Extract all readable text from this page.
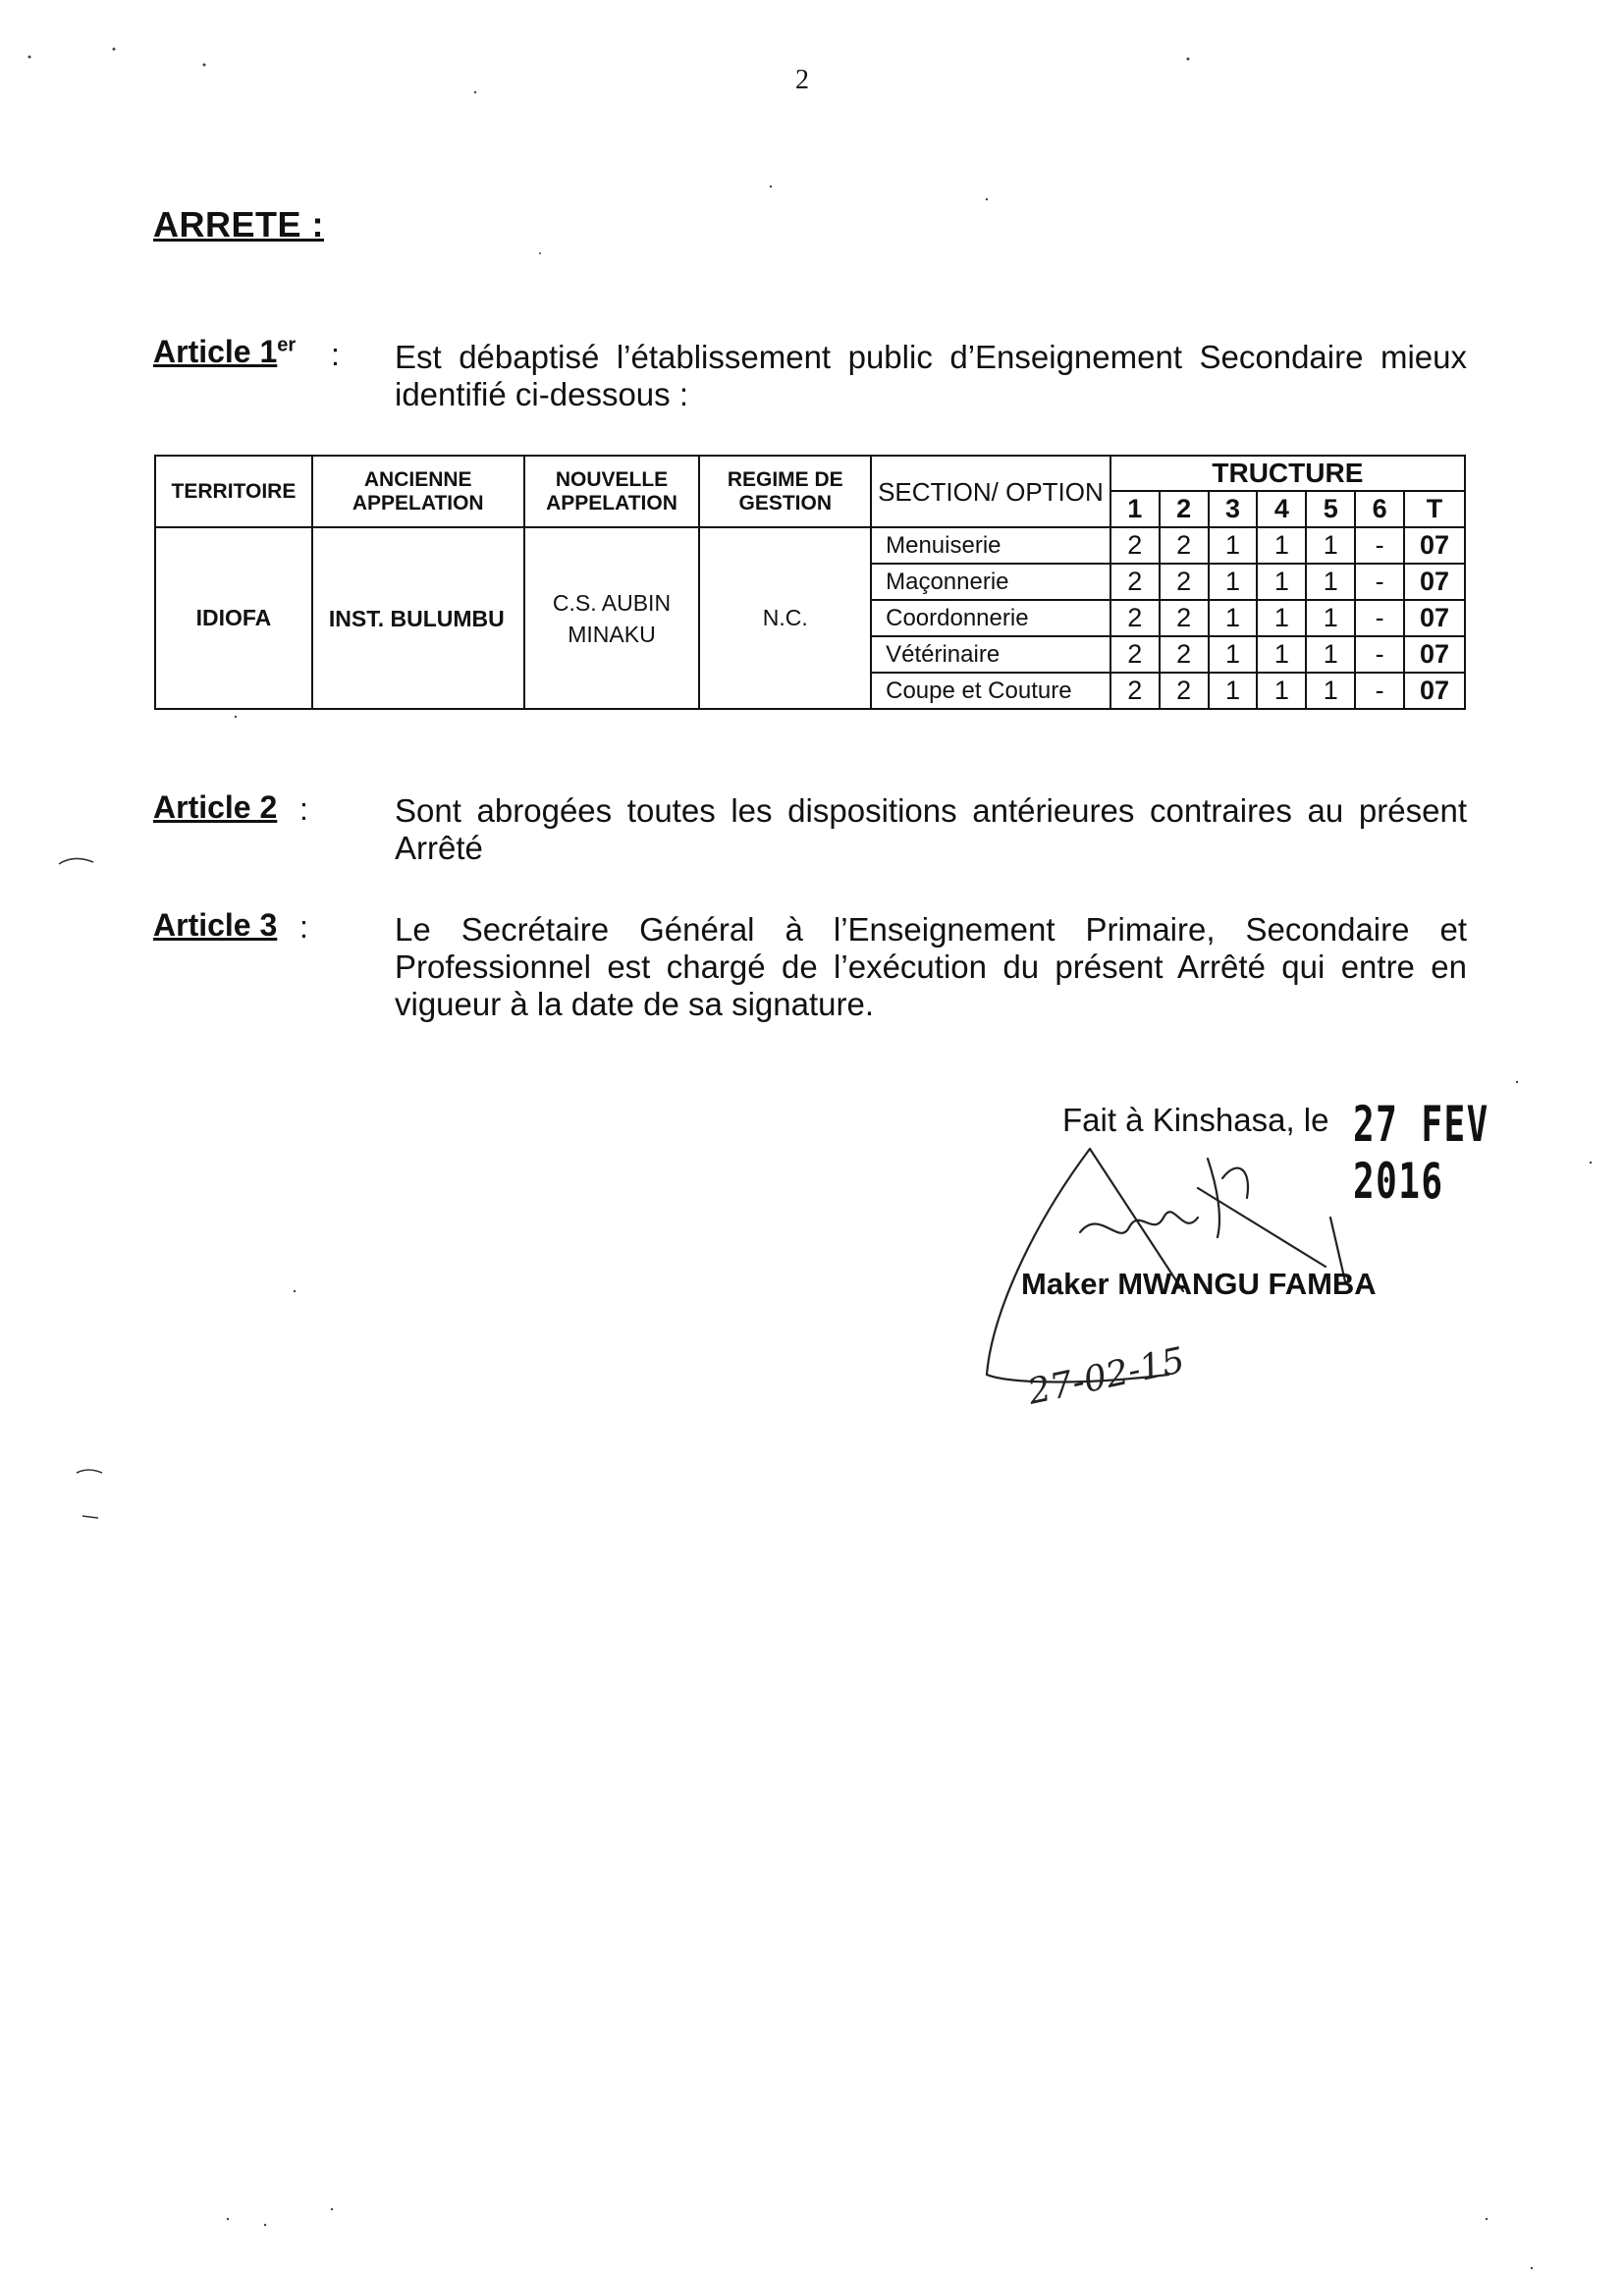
2
ARRETE :
Article 1er : Est débaptisé l’établissement public d’Enseignement Secondaire mieux identifié ci-dessous :
TERRITOIRE	ANCIENNE APPELATION	NOUVELLE APPELATION	REGIME DE GESTION	SECTION/ OPTION	TRUCTURE						
					1	2	3	4	5	6	T
IDIOFA	INST. BULUMBU	C.S. AUBIN MINAKU	N.C.	Menuiserie	2	2	1	1	1	-	07
				Maçonnerie	2	2	1	1	1	-	07
				Coordonnerie	2	2	1	1	1	-	07
				Vétérinaire	2	2	1	1	1	-	07
				Coupe et Couture	2	2	1	1	1	-	07
Article 2 :	Sont abrogées toutes les dispositions antérieures contraires au présent Arrêté
Article 3 :	Le Secrétaire Général à l’Enseignement Primaire, Secondaire et Professionnel est chargé de l’exécution du présent Arrêté qui entre en vigueur à la date de sa signature.
Fait à Kinshasa, le 27 FEV 2016
27-02-15
Maker MWANGU FAMBA
